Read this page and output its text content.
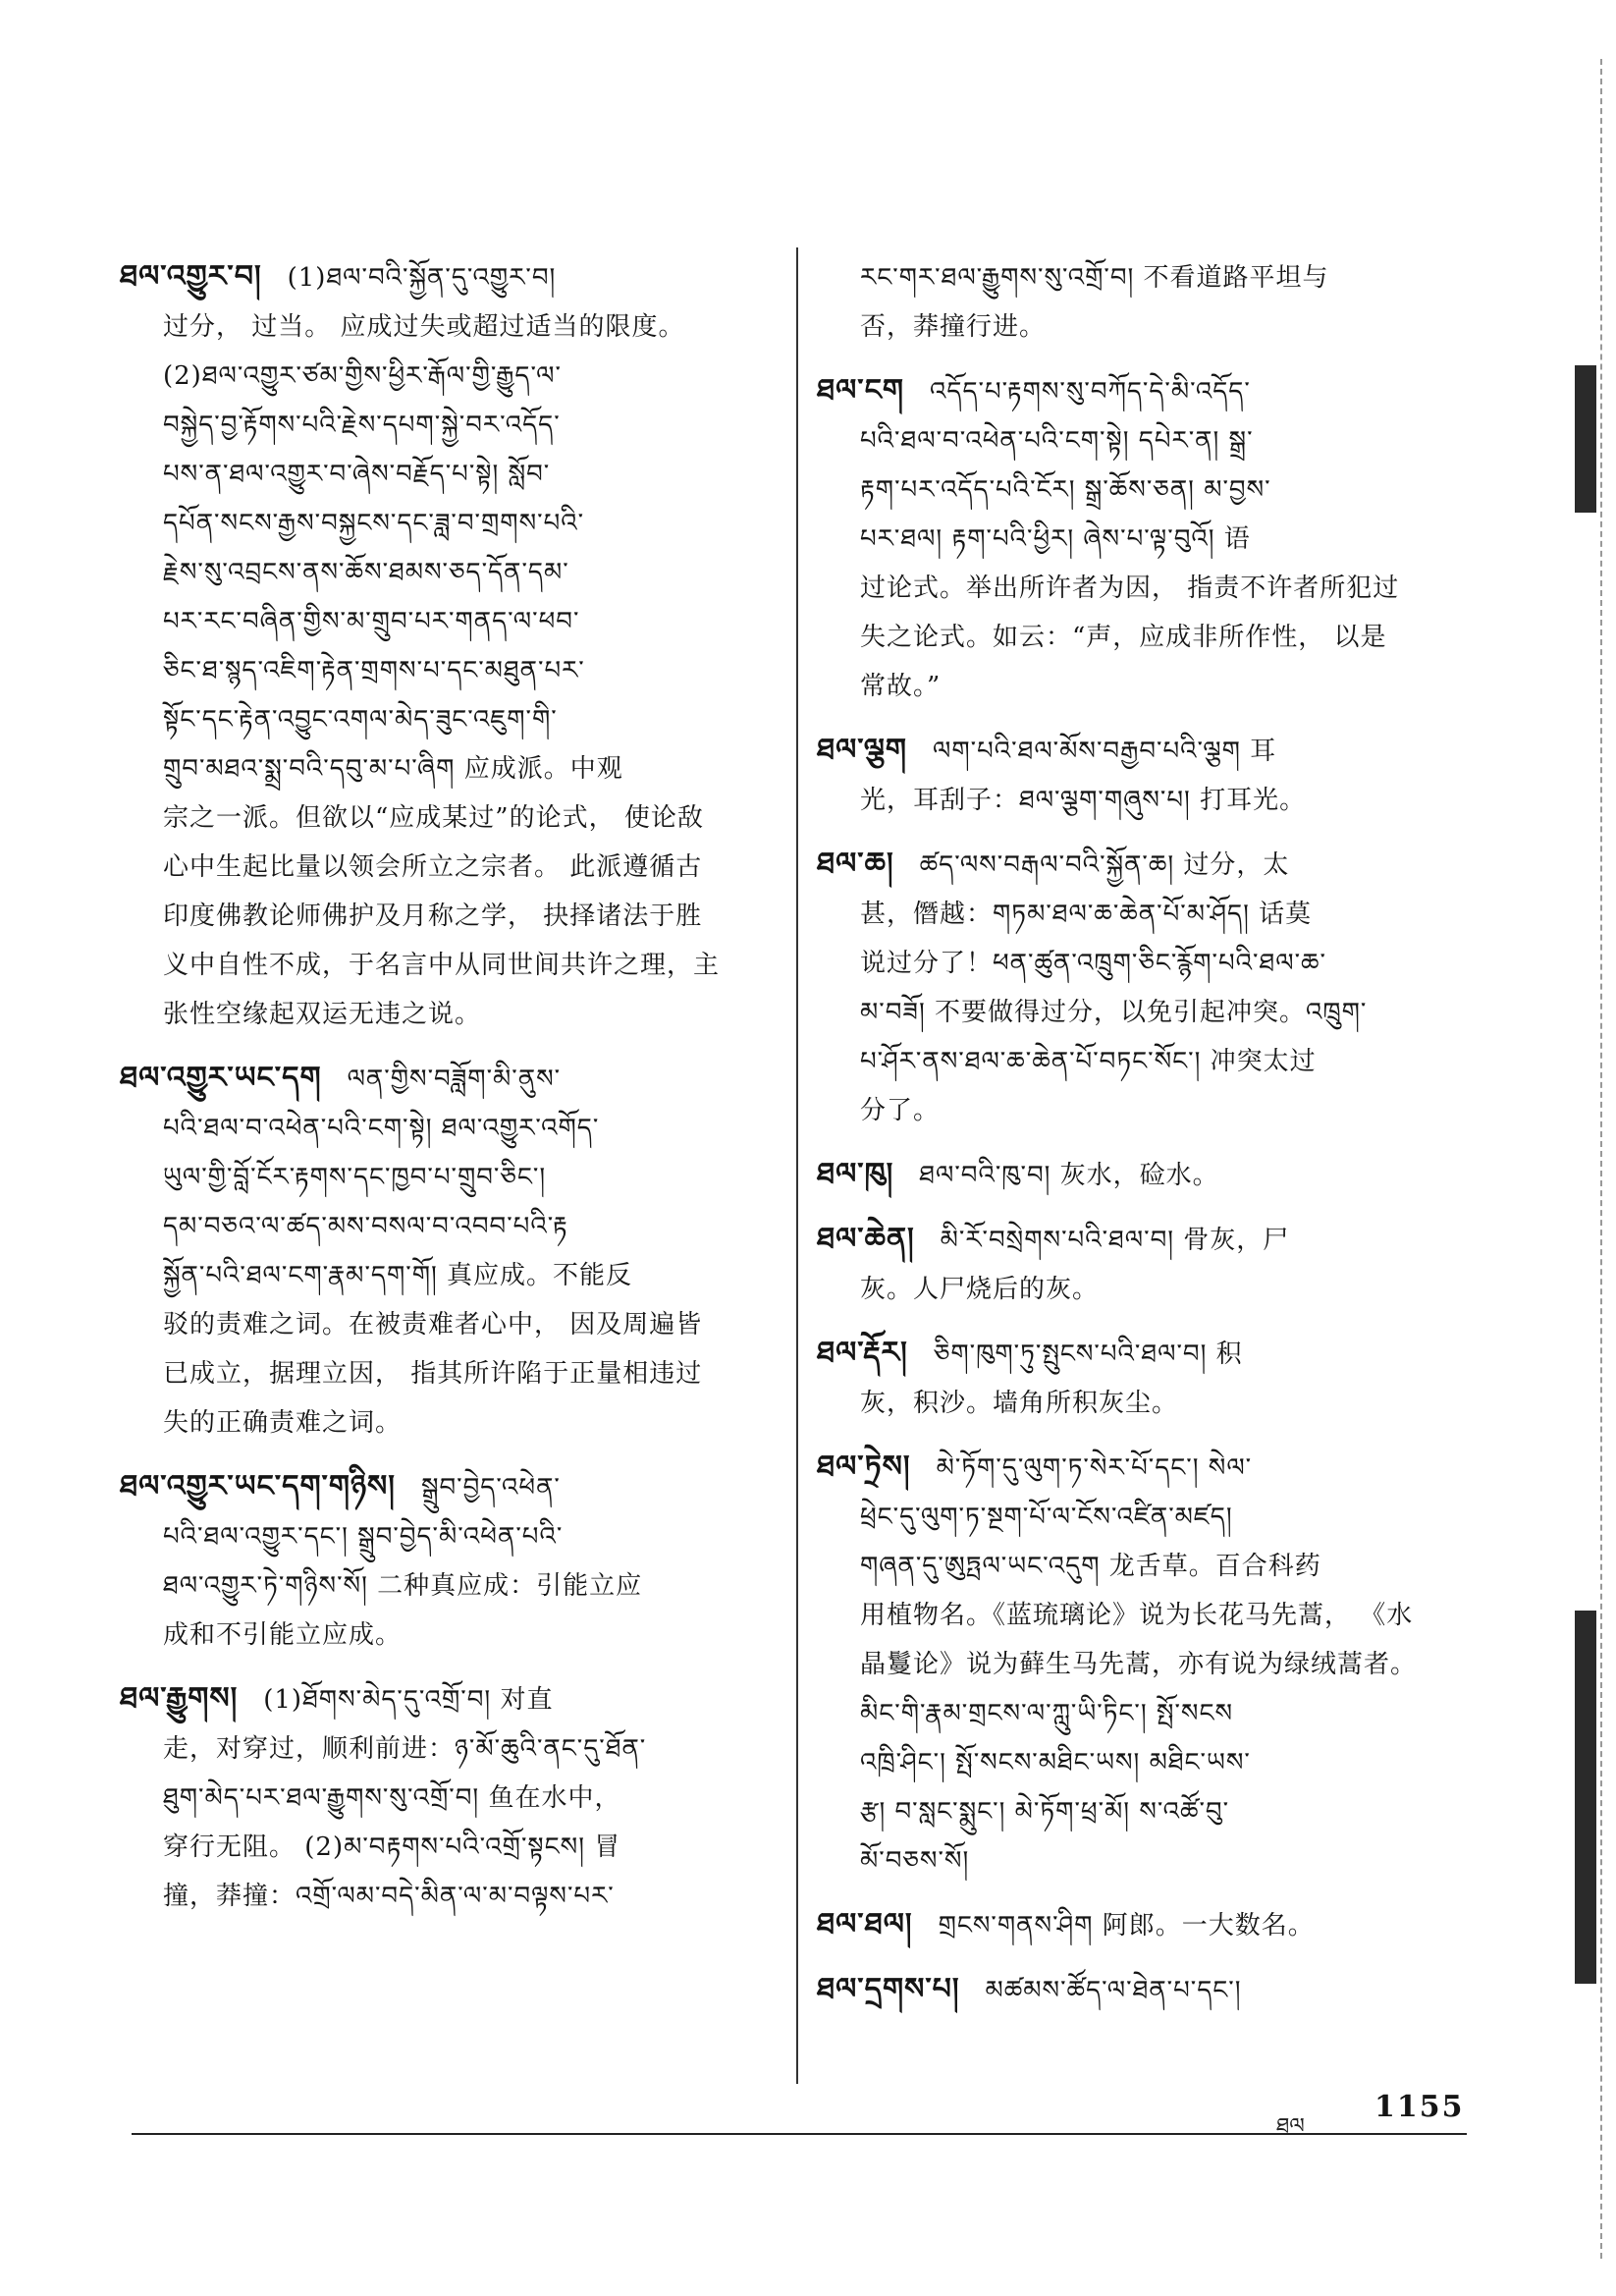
ཐལ་འགྱུར་བ། (1)ཐལ་བའི་སྐྱོན་དུ་འགྱུར་བ།

过分， 过当。 应成过失或超过适当的限度。
(2)ཐལ་འགྱུར་ཙམ་གྱིས་ཕྱིར་རྒོལ་གྱི་རྒྱུད་ལ་
བསྐྱེད་བྱ་རྟོགས་པའི་རྗེས་དཔག་སྐྱེ་བར་འདོད་
པས་ན་ཐལ་འགྱུར་བ་ཞེས་བརྗོད་པ་སྟེ། སློབ་
དཔོན་སངས་རྒྱས་བསྐྱངས་དང་ཟླ་བ་གྲགས་པའི་
རྗེས་སུ་འབྲངས་ནས་ཆོས་ཐམས་ཅད་དོན་དམ་
པར་རང་བཞིན་གྱིས་མ་གྲུབ་པར་གནད་ལ་ཕབ་
ཅིང་ཐ་སྙད་འཇིག་རྟེན་གྲགས་པ་དང་མཐུན་པར་
སྟོང་དང་རྟེན་འབྱུང་འགལ་མེད་ཟུང་འཇུག་གི་
གྲུབ་མཐའ་སྨྲ་བའི་དབུ་མ་པ་ཞིག 应成派。中观
宗之一派。但欲以“应成某过”的论式， 使论敌
心中生起比量以领会所立之宗者。 此派遵循古
印度佛教论师佛护及月称之学， 抉择诸法于胜
义中自性不成，于名言中从同世间共许之理，主
张性空缘起双运无违之说。
ཐལ་འགྱུར་ཡང་དག ལན་གྱིས་བཟློག་མི་ནུས་

པའི་ཐལ་བ་འཕེན་པའི་ངག་སྟེ། ཐལ་འགྱུར་འགོད་
ཡུལ་གྱི་བློ་ངོར་རྟགས་དང་ཁྱབ་པ་གྲུབ་ཅིང་།
དམ་བཅའ་ལ་ཚད་མས་བསལ་བ་འབབ་པའི་རྟ
སྐྱོན་པའི་ཐལ་ངག་རྣམ་དག་གོ། 真应成。不能反
驳的责难之词。在被责难者心中， 因及周遍皆
已成立，据理立因， 指其所许陷于正量相违过
失的正确责难之词。
ཐལ་འགྱུར་ཡང་དག་གཉིས། སྒྲུབ་བྱེད་འཕེན་

པའི་ཐལ་འགྱུར་དང་། སྒྲུབ་བྱེད་མི་འཕེན་པའི་
ཐལ་འགྱུར་ཏེ་གཉིས་སོ། 二种真应成：引能立应
成和不引能立应成。
ཐལ་རྒྱུགས། (1)ཐོགས་མེད་དུ་འགྲོ་བ། 对直

走，对穿过，顺利前进：ཉ་མོ་ཆུའི་ནང་དུ་ཐོན་
ཐུག་མེད་པར་ཐལ་རྒྱུགས་སུ་འགྲོ་བ། 鱼在水中，
穿行无阻。 (2)མ་བརྟགས་པའི་འགྲོ་སྟངས། 冒
撞，莽撞：འགྲོ་ལམ་བདེ་མིན་ལ་མ་བལྟས་པར་
རང་གར་ཐལ་རྒྱུགས་སུ་འགྲོ་བ། 不看道路平坦与
否，莽撞行进。
ཐལ་ངག འདོད་པ་རྟགས་སུ་བཀོད་དེ་མི་འདོད་

པའི་ཐལ་བ་འཕེན་པའི་ངག་སྟེ། དཔེར་ན། སྒྲ་
རྟག་པར་འདོད་པའི་ངོར། སྒྲ་ཆོས་ཅན། མ་བྱས་
པར་ཐལ། རྟག་པའི་ཕྱིར། ཞེས་པ་ལྟ་བུའོ། 语
过论式。举出所许者为因， 指责不许者所犯过
失之论式。如云：“声，应成非所作性， 以是
常故。”
ཐལ་ལྕག ལག་པའི་ཐལ་མོས་བརྒྱབ་པའི་ལྕག 耳

光，耳刮子：ཐལ་ལྕག་གཞུས་པ། 打耳光。
ཐལ་ཆ། ཚད་ལས་བརྒལ་བའི་སྐྱོན་ཆ། 过分，太

甚，僭越：གཏམ་ཐལ་ཆ་ཆེན་པོ་མ་ཤོད། 话莫
说过分了！ཕན་ཚུན་འཁྲུག་ཅིང་རྙོག་པའི་ཐལ་ཆ་
མ་བཟོ། 不要做得过分，以免引起冲突。འཁྲུག་
པ་ཤོར་ནས་ཐལ་ཆ་ཆེན་པོ་བཏང་སོང་། 冲突太过
分了。
ཐལ་ཁུ། ཐལ་བའི་ཁུ་བ། 灰水，硷水。

ཐལ་ཆེན། མི་རོ་བསྲེགས་པའི་ཐལ་བ། 骨灰，尸

灰。人尸烧后的灰。
ཐལ་རྡོར། ཅིག་ཁུག་ཏུ་སྤུངས་པའི་ཐལ་བ། 积

灰，积沙。墙角所积灰尘。
ཐལ་ཏྲེས། མེ་ཏོག་དུ་ལུག་ཏ་སེར་པོ་དང་། སེལ་

ཕྲེང་དུ་ལུག་ཏ་སྔག་པོ་ལ་ངོས་འཛིན་མཛད།
གཞན་དུ་ཨུཏྤལ་ཡང་འདུག 龙舌草。百合科药
用植物名。《蓝琉璃论》说为长花马先蒿， 《水
晶鬘论》说为藓生马先蒿，亦有说为绿绒蒿者。
མིང་གི་རྣམ་གྲངས་ལ་ཀླུ་ཡི་ཏིང་། སྤོ་སངས
འཁྲི་ཤིང་། སྤོ་སངས་མཐིང་ཡས། མཐིང་ཡས་
རྩ། བ་སླང་སྨུང་། མེ་ཏོག་ཕྲ་མོ། ས་འཚོ་བུ་
མོ་བཅས་སོ།
ཐལ་ཐལ། གྲངས་གནས་ཤིག 阿郎。一大数名。

ཐལ་དྲགས་པ། མཚམས་ཚོད་ལ་ཐེན་པ་དང་།

ཐལ
1155
